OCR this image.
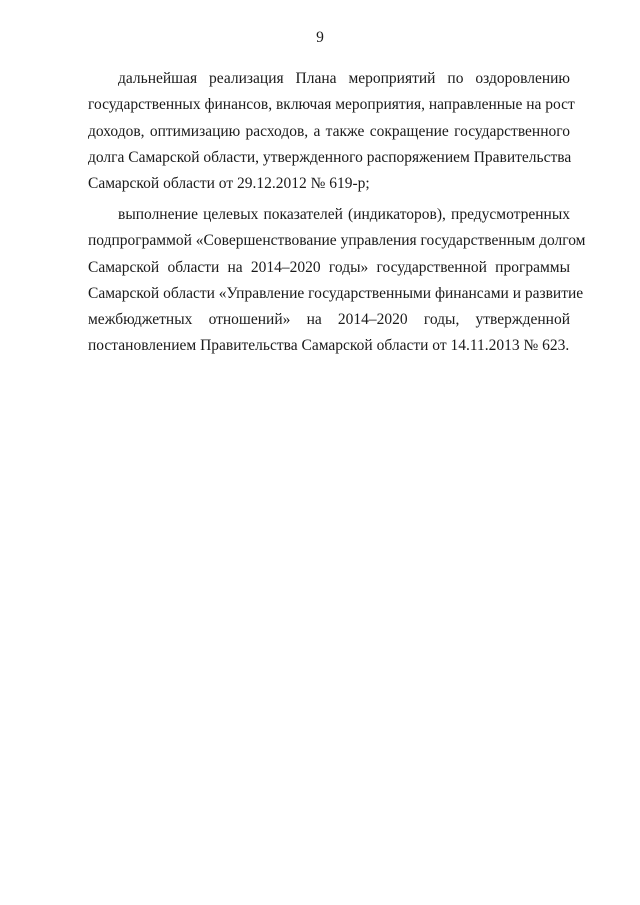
9

дальнейшая реализация Плана мероприятий по оздоровлению
государственных финансов, включая мероприятия, направленные на рост
доходов, оптимизацию расходов, а также сокращение государственного
долга Самарской области, утвержденного распоряжением Правительства
Самарской области от 29.12.2012 № 619-р;

выполнение целевых показателей (индикаторов), предусмотренных
подпрограммой «Совершенствование управления государственным долгом
Самарской области на 2014–2020 годы» государственной программы
Самарской области «Управление государственными финансами и развитие
межбюджетных отношений» на 2014–2020 годы, утвержденной
постановлением Правительства Самарской области от 14.11.2013 № 623.
